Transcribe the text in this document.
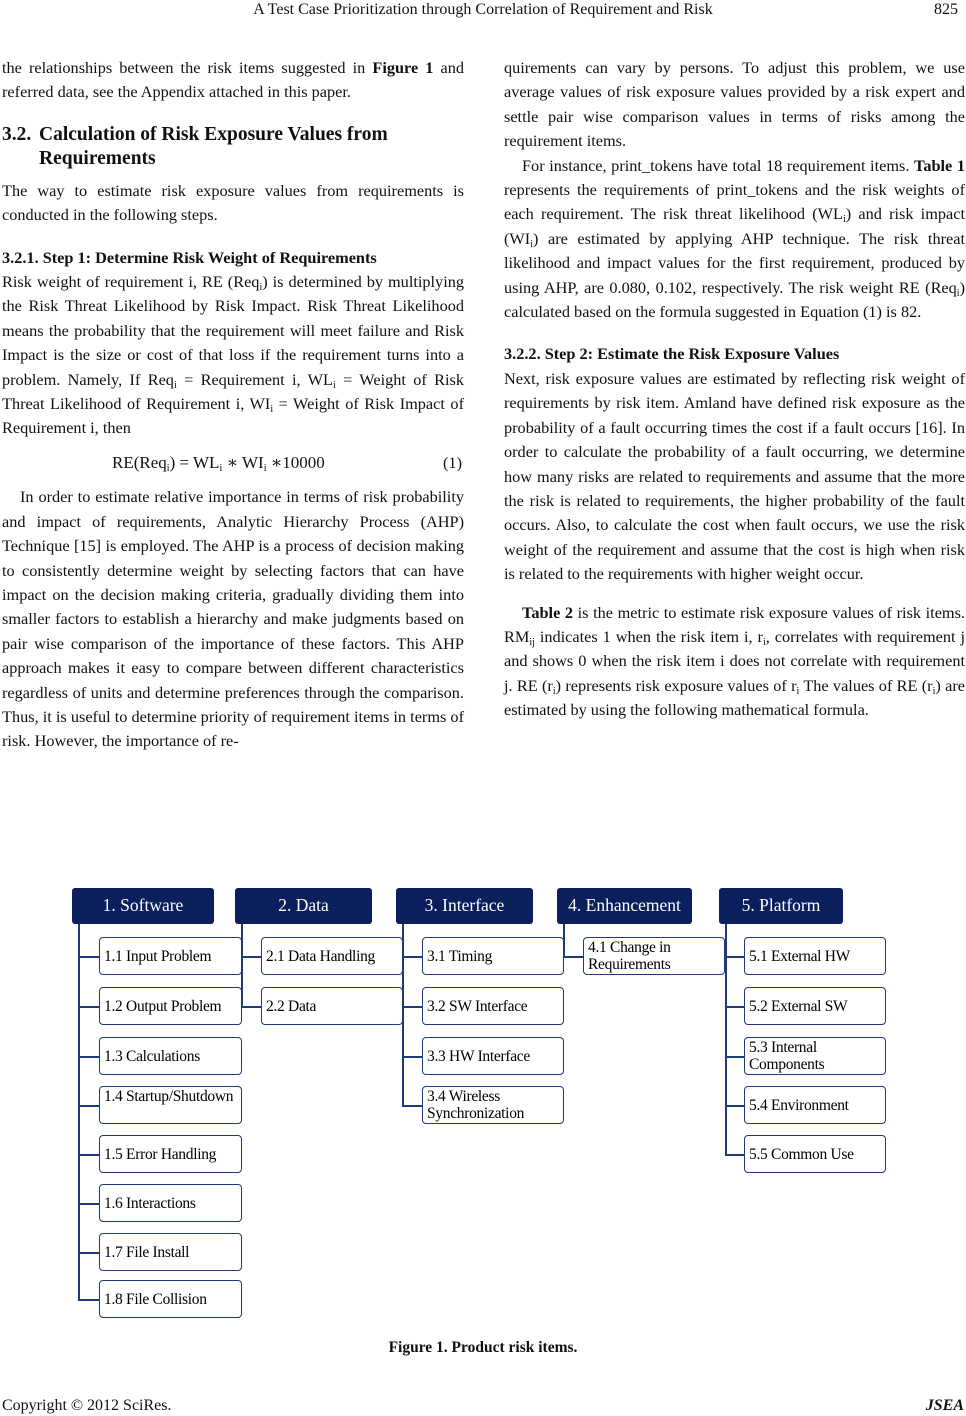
A Test Case Prioritization through Correlation of Requirement and Risk	825

the relationships between the risk items suggested in Figure 1 and referred data, see the Appendix attached in this paper.

3.2. Calculation of Risk Exposure Values from
Requirements

The way to estimate risk exposure values from requirements is conducted in the following steps.

3.2.1. Step 1: Determine Risk Weight of Requirements

Risk weight of requirement i, RE (Req$_i$) is determined by multiplying the Risk Threat Likelihood by Risk Impact. Risk Threat Likelihood means the probability that the requirement will meet failure and Risk Impact is the size or cost of that loss if the requirement turns into a problem. Namely, If Req$_i$ = Requirement i, $WL_i$ = Weight of Risk Threat Likelihood of Requirement i, $WI_i$ = Weight of Risk Impact of Requirement i, then

$RE(Req_i) = WL_i$ ∗ $WI_i$ ∗10000	(1)

In order to estimate relative importance in terms of risk probability and impact of requirements, Analytic Hierarchy Process (AHP) Technique [15] is employed. The AHP is a process of decision making to consistently determine weight by selecting factors that can have impact on the decision making criteria, gradually dividing them into smaller factors to establish a hierarchy and make judgments based on pair wise comparison of the importance of these factors. This AHP approach makes it easy to compare between different characteristics regardless of units and determine preferences through the comparison. Thus, it is useful to determine priority of requirement items in terms of risk. However, the importance of re-

quirements can vary by persons. To adjust this problem, we use average values of risk exposure values provided by a risk expert and settle pair wise comparison values in terms of risks among the requirement items.

For instance, print_tokens have total 18 requirement items. Table 1 represents the requirements of print_tokens and the risk weights of each requirement. The risk threat likelihood $(WL_i)$ and risk impact $(WI_i)$ are estimated by applying AHP technique. The risk threat likelihood and impact values for the first requirement, produced by using AHP, are 0.080, 0.102, respectively. The risk weight RE (Req$_i$) calculated based on the formula suggested in Equation (1) is 82.

3.2.2. Step 2: Estimate the Risk Exposure Values

Next, risk exposure values are estimated by reflecting risk weight of requirements by risk item. Amland have defined risk exposure as the probability of a fault occurring times the cost if a fault occurs [16]. In order to calculate the probability of a fault occurring, we determine how many risks are related to requirements and assume that the more the risk is related to requirements, the higher probability of the fault occurs. Also, to calculate the cost when fault occurs, we use the risk weight of the requirement and assume that the cost is high when risk is related to the requirements with higher weight occur.

Table 2 is the metric to estimate risk exposure values of risk items. $RM_{ij}$ indicates 1 when the risk item i, $r_i$, correlates with requirement j and shows 0 when the risk item i does not correlate with requirement j. RE $(r_i)$ represents risk exposure values of $r_i$ The values of RE $(r_i)$ are estimated by using the following mathematical formula.

1. Software
1.1 Input Problem
1.2 Output Problem
1.3 Calculations
1.4 Startup/Shutdown
1.5 Error Handling
1.6 Interactions
1.7 File Install
1.8 File Collision
2. Data
2.1 Data Handling
2.2 Data
3. Interface
3.1 Timing
3.2 SW Interface
3.3 HW Interface
3.4 Wireless Synchronization
4. Enhancement
4.1 Change in Requirements
5. Platform
5.1 External HW
5.2 External SW
5.3 Internal Components
5.4 Environment
5.5 Common Use
Figure 1. Product risk items.
Copyright © 2012 SciRes.	JSEA
